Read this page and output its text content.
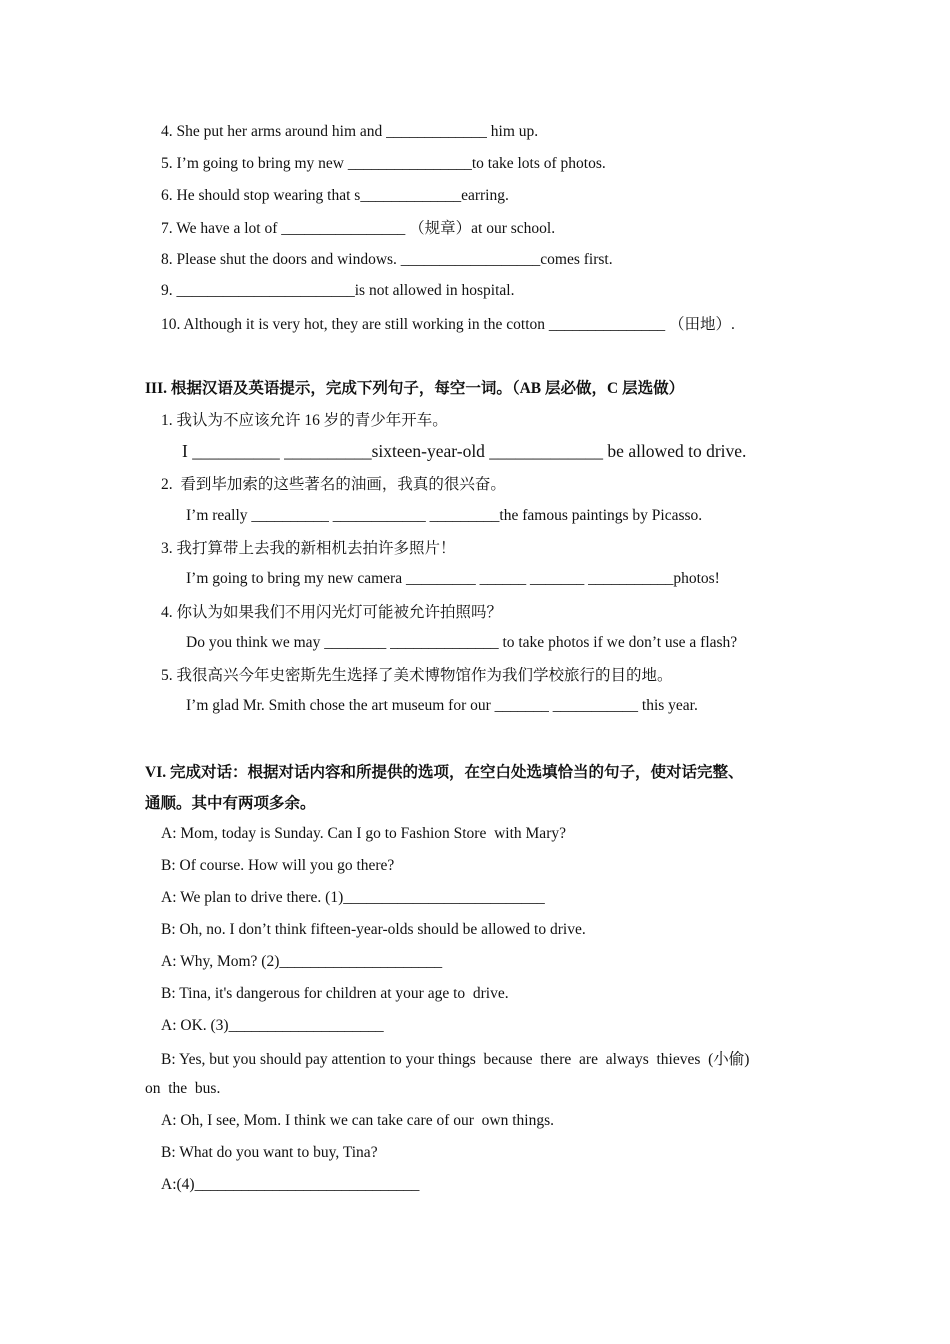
4. She put her arms around him and _____________ him up.
5. I’m going to bring my new ________________to take lots of photos.
6. He should stop wearing that s_____________earring.
7. We have a lot of ________________ （规章）at our school.
8. Please shut the doors and windows. __________________comes first.
9. _______________________is not allowed in hospital.
10. Although it is very hot, they are still working in the cotton _______________ （田地）.
III. 根据汉语及英语提示，完成下列句子，每空一词。（AB 层必做，C 层选做）
1. 我认为不应该允许 16 岁的青少年开车。
I __________ __________sixteen-year-old _____________ be allowed to drive.
2.  看到毕加索的这些著名的油画，我真的很兴奋。
I’m really __________ ____________ _________the famous paintings by Picasso.
3. 我打算带上去我的新相机去拍许多照片！
I’m going to bring my new camera _________ ______ _______ ___________photos!
4. 你认为如果我们不用闪光灯可能被允许拍照吗？
Do you think we may ________ ______________ to take photos if we don’t use a flash?
5. 我很高兴今年史密斯先生选择了美术博物馆作为我们学校旅行的目的地。
I’m glad Mr. Smith chose the art museum for our _______ ___________ this year.
VI. 完成对话：根据对话内容和所提供的选项，在空白处选填恰当的句子，使对话完整、
通顺。其中有两项多余。
A: Mom, today is Sunday. Can I go to Fashion Store  with Mary?
B: Of course. How will you go there?
A: We plan to drive there. (1)__________________________
B: Oh, no. I don’t think fifteen-year-olds should be allowed to drive.
A: Why, Mom? (2)_____________________
B: Tina, it's dangerous for children at your age to  drive.
A: OK. (3)____________________
B: Yes, but you should pay attention to your things  because  there  are  always  thieves  (小偷)
on  the  bus.
A: Oh, I see, Mom. I think we can take care of our  own things.
B: What do you want to buy, Tina?
A:(4)_____________________________
